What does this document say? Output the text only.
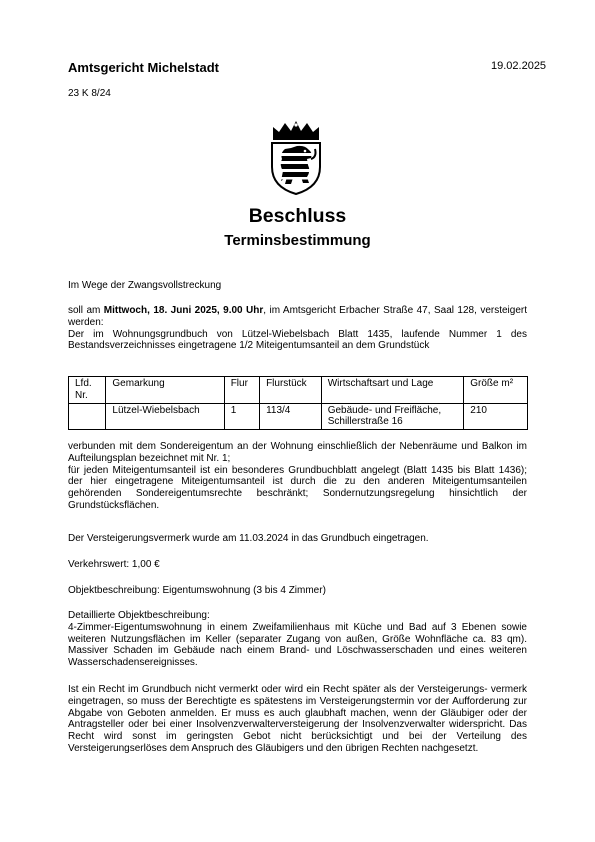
Amtsgericht Michelstadt	19.02.2025
23 K 8/24
Beschluss
Terminsbestimmung
Im Wege der Zwangsvollstreckung

soll am Mittwoch, 18. Juni 2025, 9.00 Uhr, im Amtsgericht Erbacher Straße 47, Saal 128, versteigert werden:

Der im Wohnungsgrundbuch von Lützel-Wiebelsbach Blatt 1435, laufende Nummer 1 des Bestandsverzeichnisses eingetragene 1/2 Miteigentumsanteil an dem Grundstück

Lfd. Nr.	Gemarkung	Flur	Flurstück	Wirtschaftsart und Lage	Größe m²
	Lützel-Wiebelsbach	1	113/4	Gebäude- und Freifläche, Schillerstraße 16	210

verbunden mit dem Sondereigentum an der Wohnung einschließlich der Nebenräume und Balkon im Aufteilungsplan bezeichnet mit Nr. 1;

für jeden Miteigentumsanteil ist ein besonderes Grundbuchblatt angelegt (Blatt 1435 bis Blatt 1436); der hier eingetragene Miteigentumsanteil ist durch die zu den anderen Miteigentumsanteilen gehörenden Sondereigentumsrechte beschränkt; Sondernutzungsregelung hinsichtlich der Grundstücksflächen.

Der Versteigerungsvermerk wurde am 11.03.2024 in das Grundbuch eingetragen.
Verkehrswert: 1,00 €
Objektbeschreibung: Eigentumswohnung (3 bis 4 Zimmer)

Detaillierte Objektbeschreibung:

4-Zimmer-Eigentumswohnung in einem Zweifamilienhaus mit Küche und Bad auf 3 Ebenen sowie weiteren Nutzungsflächen im Keller (separater Zugang von außen, Größe Wohnfläche ca. 83 qm). Massiver Schaden im Gebäude nach einem Brand- und Löschwasserschaden und eines weiteren Wasserschadensereignisses.

Ist ein Recht im Grundbuch nicht vermerkt oder wird ein Recht später als der Versteigerungs- vermerk eingetragen, so muss der Berechtigte es spätestens im Versteigerungstermin vor der Aufforderung zur Abgabe von Geboten anmelden. Er muss es auch glaubhaft machen, wenn der Gläubiger oder der Antragsteller oder bei einer Insolvenzverwalterversteigerung der Insolvenzverwalter widerspricht. Das Recht wird sonst im geringsten Gebot nicht berücksichtigt und bei der Verteilung des Versteigerungserlöses dem Anspruch des Gläubigers und den übrigen Rechten nachgesetzt.
